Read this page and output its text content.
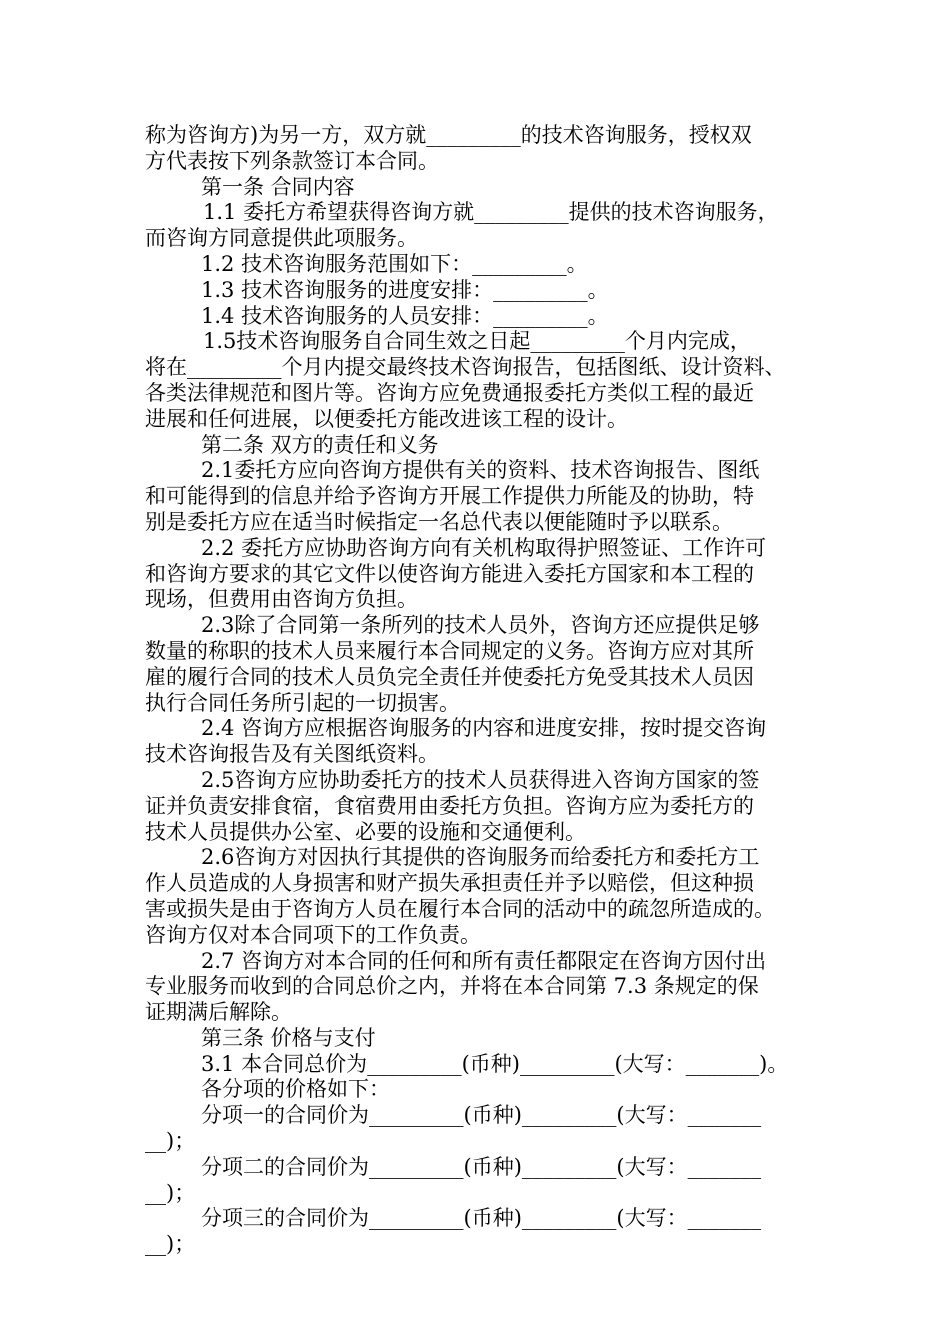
称为咨询方)为另一方，双方就_________的技术咨询服务，授权双
方代表按下列条款签订本合同。
第一条 合同内容
1.1 委托方希望获得咨询方就_________提供的技术咨询服务，
而咨询方同意提供此项服务。
1.2 技术咨询服务范围如下：_________。
1.3 技术咨询服务的进度安排：_________。
1.4 技术咨询服务的人员安排：_________。
1.5技术咨询服务自合同生效之日起_________个月内完成，
将在_________个月内提交最终技术咨询报告，包括图纸、设计资料、
各类法律规范和图片等。咨询方应免费通报委托方类似工程的最近
进展和任何进展，以便委托方能改进该工程的设计。
第二条 双方的责任和义务
2.1委托方应向咨询方提供有关的资料、技术咨询报告、图纸
和可能得到的信息并给予咨询方开展工作提供力所能及的协助，特
别是委托方应在适当时候指定一名总代表以便能随时予以联系。
2.2 委托方应协助咨询方向有关机构取得护照签证、工作许可
和咨询方要求的其它文件以使咨询方能进入委托方国家和本工程的
现场，但费用由咨询方负担。
2.3除了合同第一条所列的技术人员外，咨询方还应提供足够
数量的称职的技术人员来履行本合同规定的义务。咨询方应对其所
雇的履行合同的技术人员负完全责任并使委托方免受其技术人员因
执行合同任务所引起的一切损害。
2.4 咨询方应根据咨询服务的内容和进度安排，按时提交咨询
技术咨询报告及有关图纸资料。
2.5咨询方应协助委托方的技术人员获得进入咨询方国家的签
证并负责安排食宿，食宿费用由委托方负担。咨询方应为委托方的
技术人员提供办公室、必要的设施和交通便利。
2.6咨询方对因执行其提供的咨询服务而给委托方和委托方工
作人员造成的人身损害和财产损失承担责任并予以赔偿，但这种损
害或损失是由于咨询方人员在履行本合同的活动中的疏忽所造成的。
咨询方仅对本合同项下的工作负责。
2.7 咨询方对本合同的任何和所有责任都限定在咨询方因付出
专业服务而收到的合同总价之内，并将在本合同第 7.3 条规定的保
证期满后解除。
第三条 价格与支付
3.1 本合同总价为_________(币种)_________(大写：_______)。
各分项的价格如下：
分项一的合同价为_________(币种)_________(大写：_______
__)；
分项二的合同价为_________(币种)_________(大写：_______
__)；
分项三的合同价为_________(币种)_________(大写：_______
__)；
